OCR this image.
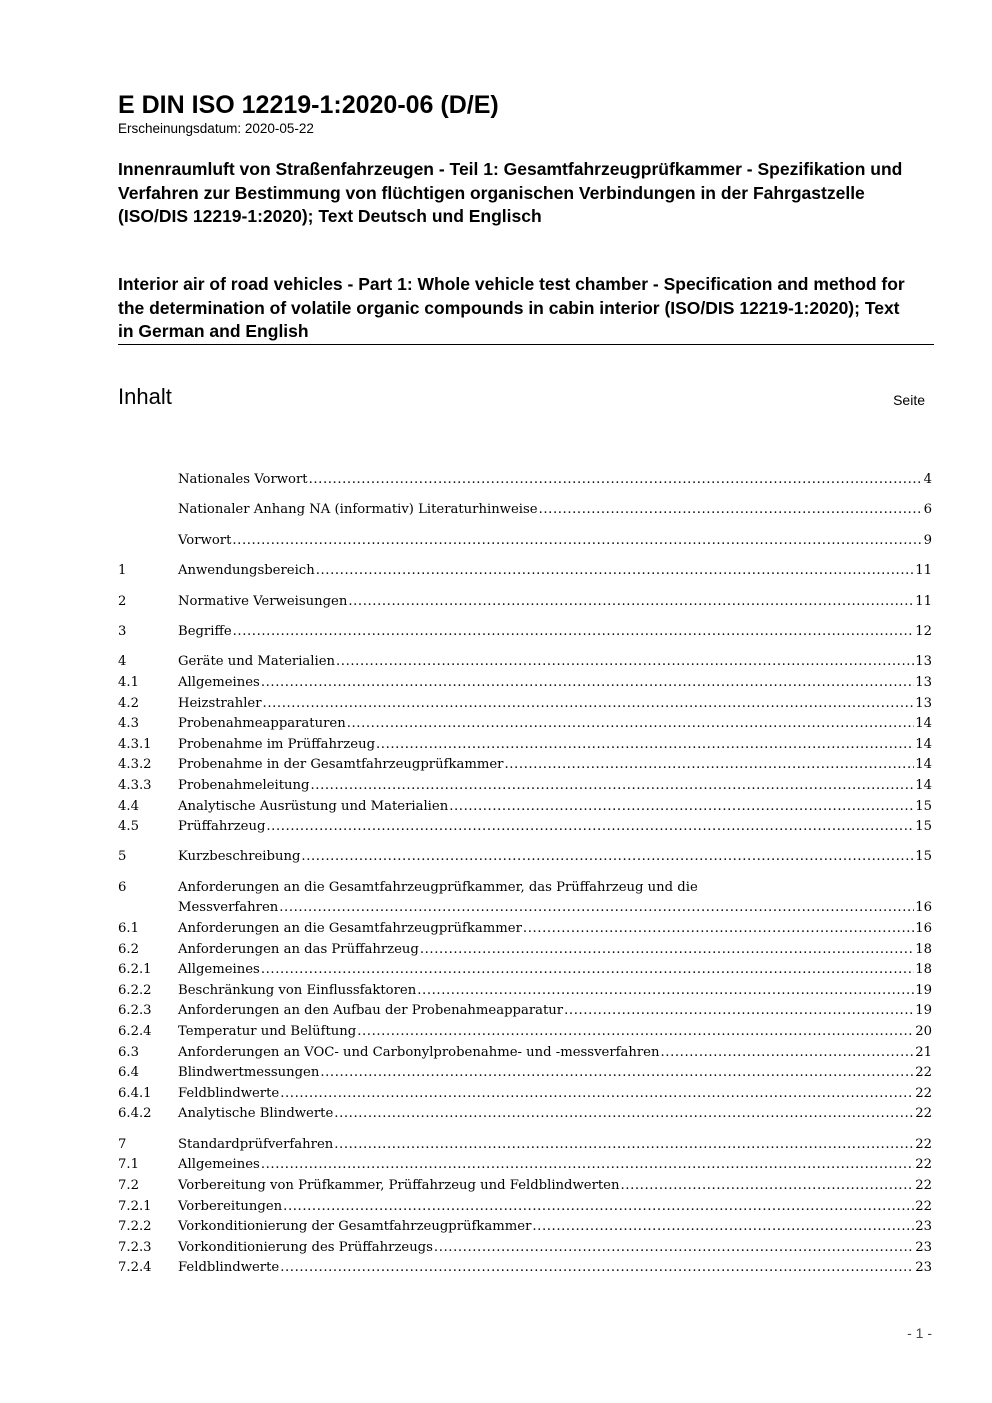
E DIN ISO 12219-1:2020-06 (D/E)
Erscheinungsdatum: 2020-05-22
Innenraumluft von Straßenfahrzeugen - Teil 1: Gesamtfahrzeugprüfkammer - Spezifikation und Verfahren zur Bestimmung von flüchtigen organischen Verbindungen in der Fahrgastzelle (ISO/DIS 12219-1:2020); Text Deutsch und Englisch
Interior air of road vehicles - Part 1: Whole vehicle test chamber - Specification and method for the determination of volatile organic compounds in cabin interior (ISO/DIS 12219-1:2020); Text in German and English
Inhalt	Seite
Nationales Vorwort .....	4
Nationaler Anhang NA (informativ) Literaturhinweise .....	6
Vorwort .....	9
1	Anwendungsbereich .....	11
2	Normative Verweisungen .....	11
3	Begriffe .....	12
4	Geräte und Materialien .....	13
4.1	Allgemeines .....	13
4.2	Heizstrahler .....	13
4.3	Probenahmeapparaturen .....	14
4.3.1	Probenahme im Prüffahrzeug .....	14
4.3.2	Probenahme in der Gesamtfahrzeugprüfkammer .....	14
4.3.3	Probenahmeleitung .....	14
4.4	Analytische Ausrüstung und Materialien .....	15
4.5	Prüffahrzeug .....	15
5	Kurzbeschreibung .....	15
6	Anforderungen an die Gesamtfahrzeugprüfkammer, das Prüffahrzeug und die
Messverfahren .....	16
6.1	Anforderungen an die Gesamtfahrzeugprüfkammer .....	16
6.2	Anforderungen an das Prüffahrzeug .....	18
6.2.1	Allgemeines .....	18
6.2.2	Beschränkung von Einflussfaktoren .....	19
6.2.3	Anforderungen an den Aufbau der Probenahmeapparatur .....	19
6.2.4	Temperatur und Belüftung .....	20
6.3	Anforderungen an VOC- und Carbonylprobenahme- und -messverfahren .....	21
6.4	Blindwertmessungen .....	22
6.4.1	Feldblindwerte .....	22
6.4.2	Analytische Blindwerte .....	22
7	Standardprüfverfahren .....	22
7.1	Allgemeines .....	22
7.2	Vorbereitung von Prüfkammer, Prüffahrzeug und Feldblindwerten .....	22
7.2.1	Vorbereitungen .....	22
7.2.2	Vorkonditionierung der Gesamtfahrzeugprüfkammer .....	23
7.2.3	Vorkonditionierung des Prüffahrzeugs .....	23
7.2.4	Feldblindwerte .....	23
- 1 -
